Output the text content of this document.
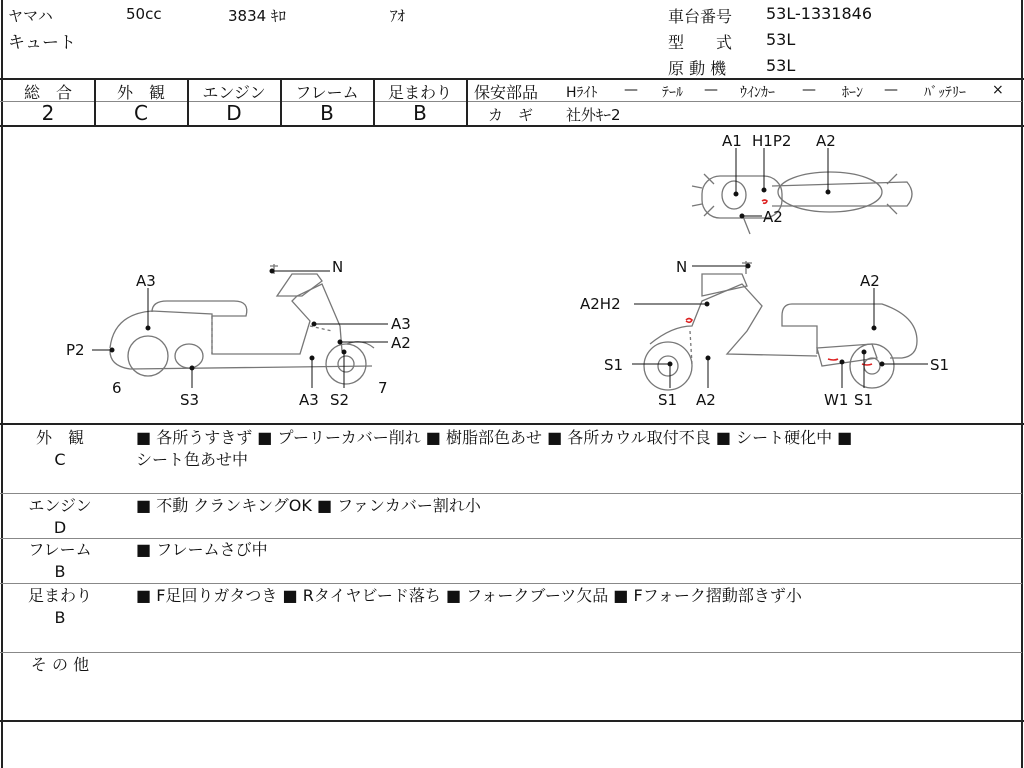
ヤマハ	50cc	3834 ｷﾛ	ｱｵ
キュート
車台番号 53L-1331846
型　　式 53L
原 動 機 53L
総　合	外　観	エンジン	フレーム	足まわり
2	C	D	B	B
保安部品 Hﾗｲﾄ — ﾃｰﾙ — ｳｲﾝｶｰ — ﾎｰﾝ — ﾊﾞｯﾃﾘｰ ×
カ　ギ 社外ｷｰ2
A1 H1P2 A2
A2
A3
N
A3
A2
P2
6	7
S3	A3 S2
N
A2
A2H2
S1	S1
S1 A2	W1 S1
外　観
C
■ 各所うすきず ■ プーリーカバー削れ ■ 樹脂部色あせ ■ 各所カウル取付不良 ■ シート硬化中 ■
シート色あせ中
エンジン
D
■ 不動 クランキングOK ■ ファンカバー割れ小
フレーム
B
■ フレームさび中
足まわり
B
■ F足回りガタつき ■ Rタイヤビード落ち ■ フォークブーツ欠品 ■ Fフォーク摺動部きず小
そ の 他
